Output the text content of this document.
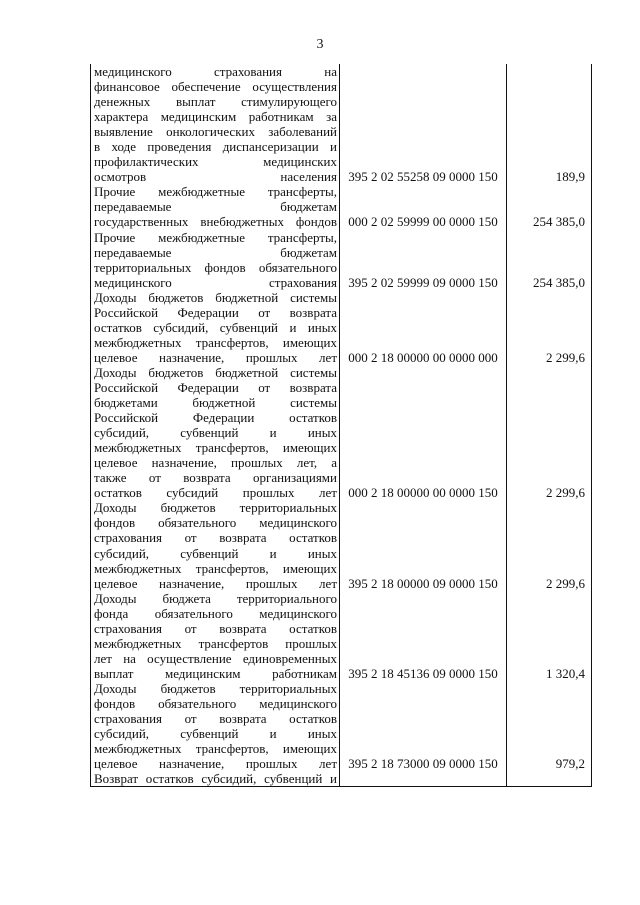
3
медицинского страхования на
финансовое обеспечение осуществления
денежных выплат стимулирующего
характера медицинским работникам за
выявление онкологических заболеваний
в ходе проведения диспансеризации и
профилактических медицинских
осмотров населения 395 2 02 55258 09 0000 150	189,9
Прочие межбюджетные трансферты,
передаваемые бюджетам
государственных внебюджетных фондов 000 2 02 59999 00 0000 150	254 385,0
Прочие межбюджетные трансферты,
передаваемые бюджетам
территориальных фондов обязательного
медицинского страхования 395 2 02 59999 09 0000 150	254 385,0
Доходы бюджетов бюджетной системы
Российской Федерации от возврата
остатков субсидий, субвенций и иных
межбюджетных трансфертов, имеющих
целевое назначение, прошлых лет 000 2 18 00000 00 0000 000	2 299,6
Доходы бюджетов бюджетной системы
Российской Федерации от возврата
бюджетами бюджетной системы
Российской Федерации остатков
субсидий, субвенций и иных
межбюджетных трансфертов, имеющих
целевое назначение, прошлых лет, а
также от возврата организациями
остатков субсидий прошлых лет 000 2 18 00000 00 0000 150	2 299,6
Доходы бюджетов территориальных
фондов обязательного медицинского
страхования от возврата остатков
субсидий, субвенций и иных
межбюджетных трансфертов, имеющих
целевое назначение, прошлых лет 395 2 18 00000 09 0000 150	2 299,6
Доходы бюджета территориального
фонда обязательного медицинского
страхования от возврата остатков
межбюджетных трансфертов прошлых
лет на осуществление единовременных
выплат медицинским работникам 395 2 18 45136 09 0000 150	1 320,4
Доходы бюджетов территориальных
фондов обязательного медицинского
страхования от возврата остатков
субсидий, субвенций и иных
межбюджетных трансфертов, имеющих
целевое назначение, прошлых лет 395 2 18 73000 09 0000 150	979,2
Возврат остатков субсидий, субвенций и
